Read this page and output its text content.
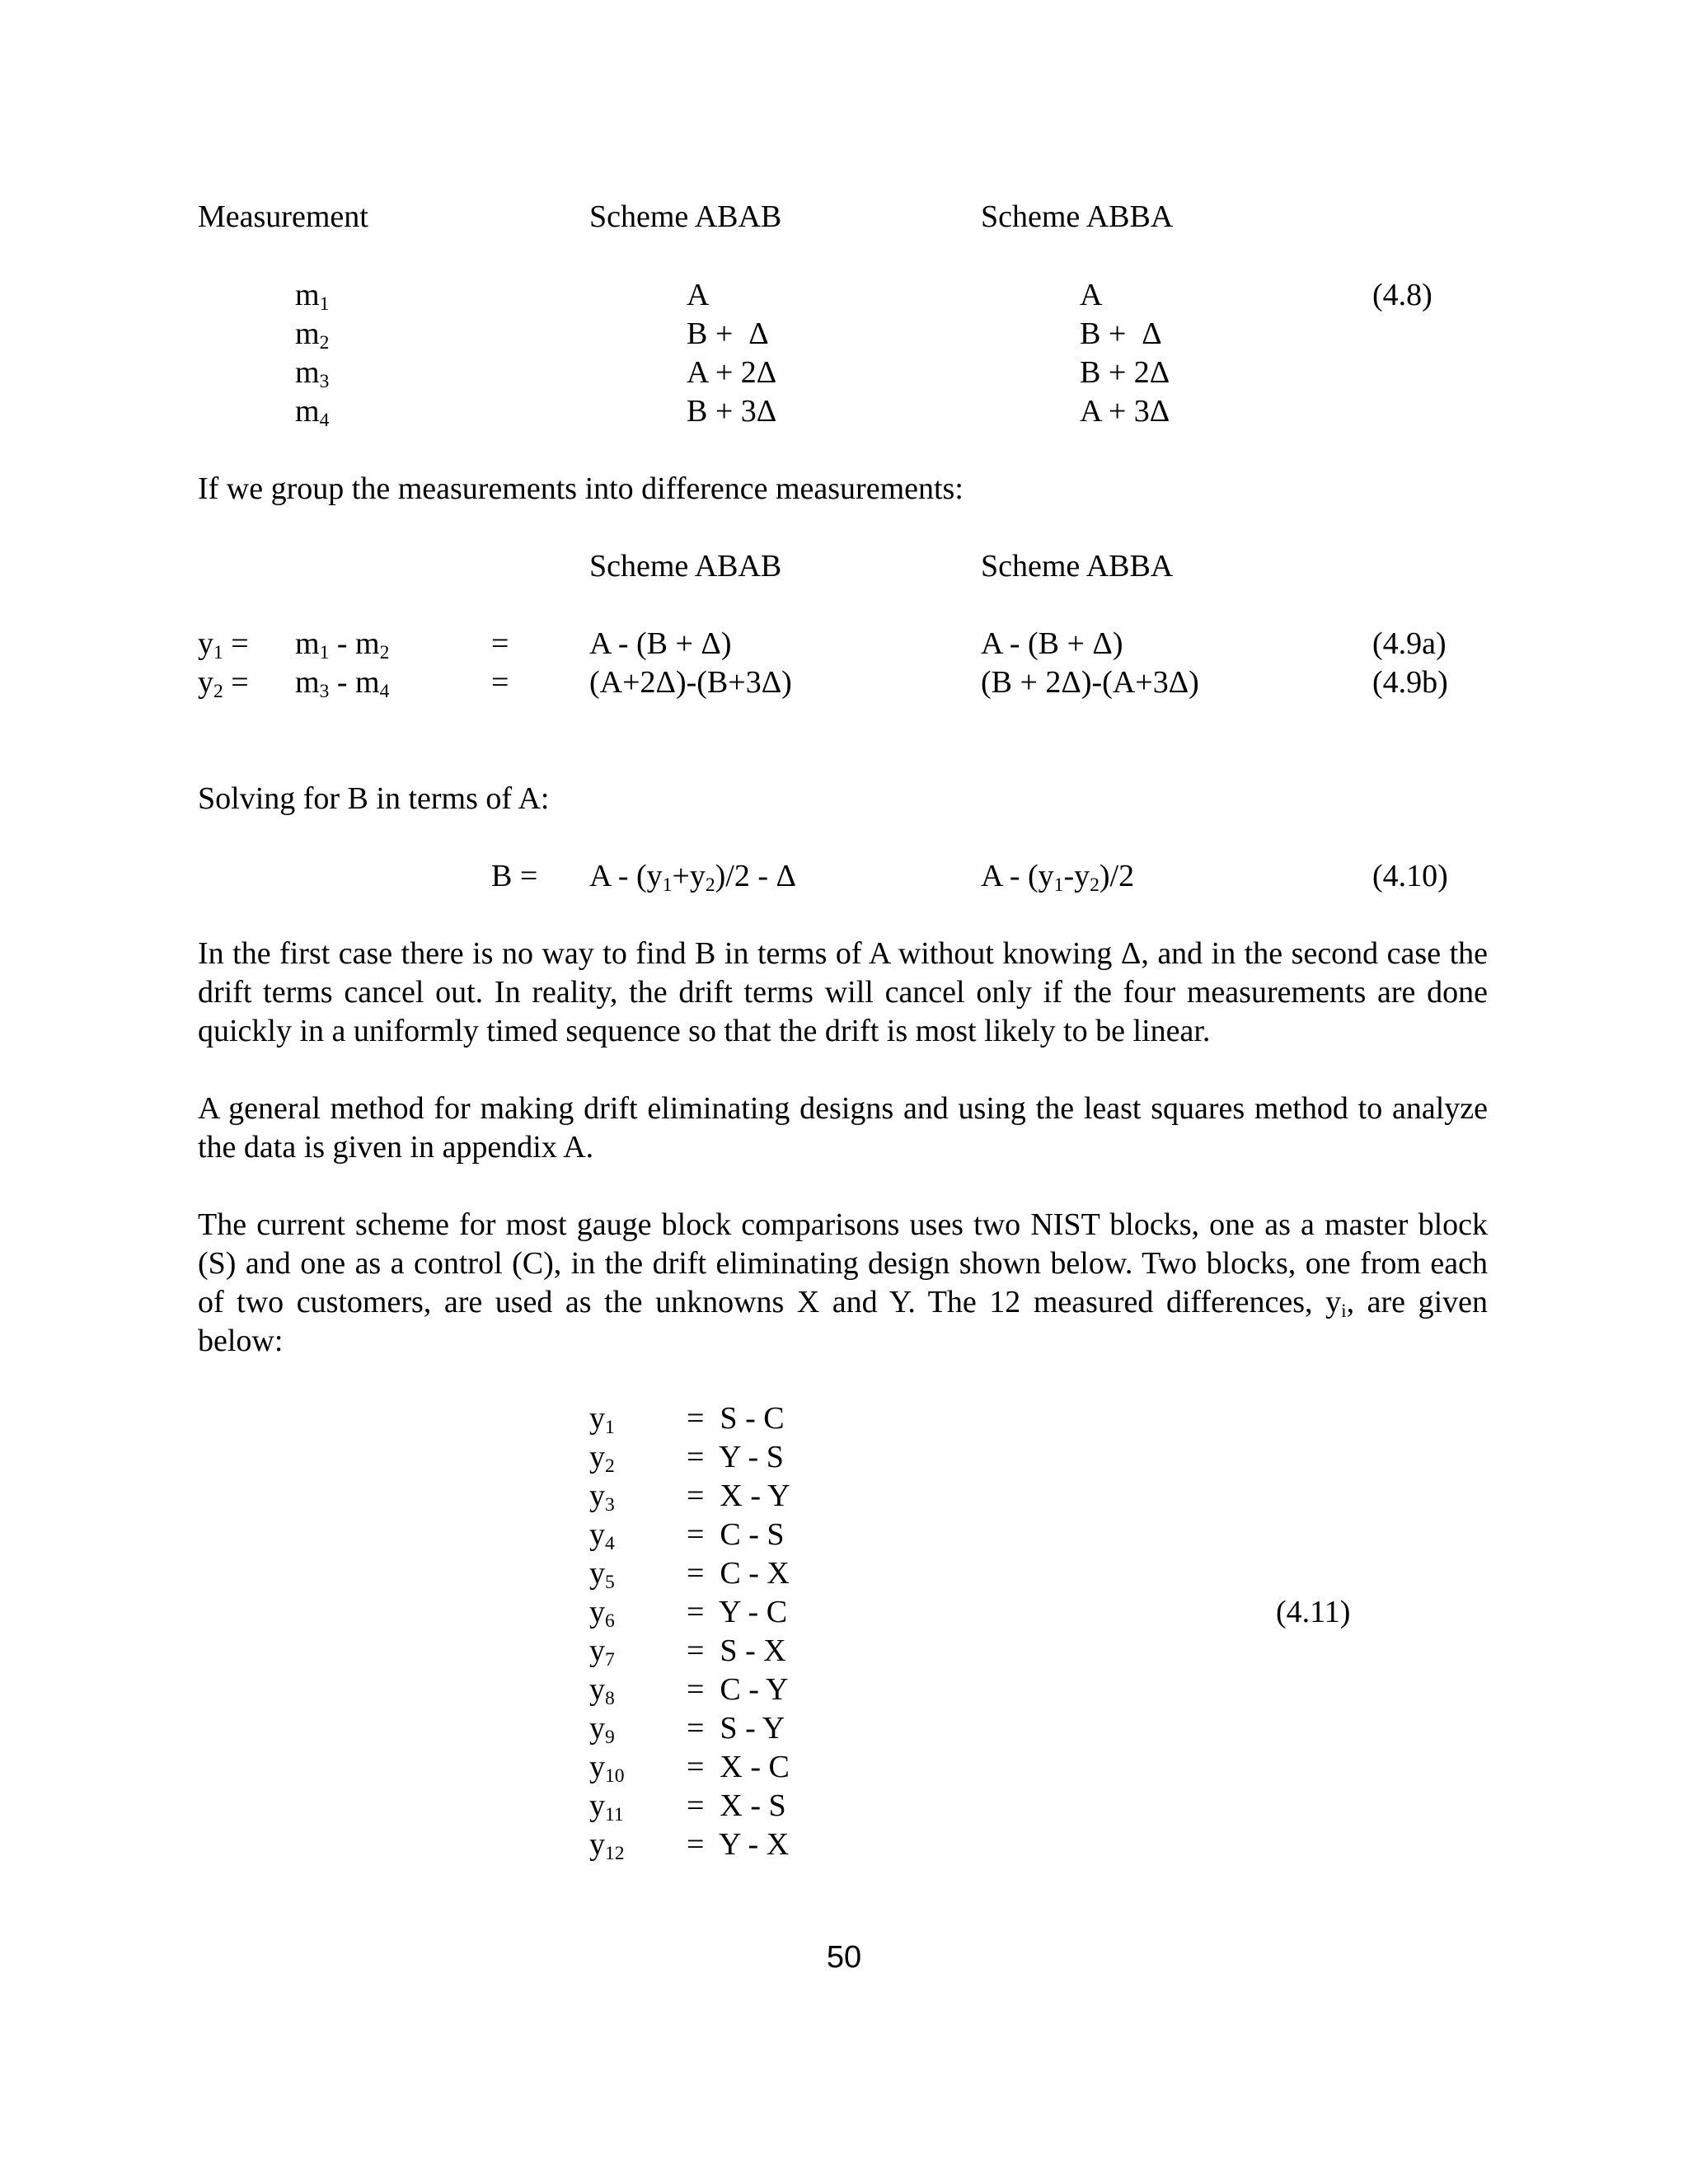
Measurement	Scheme ABAB	Scheme ABBA
$m_1$	A	A	(4.8)
$m_2$	B +  Δ	B +  Δ
$m_3$	A + 2Δ	B + 2Δ
$m_4$	B + 3Δ	A + 3Δ
If we group the measurements into difference measurements:
Scheme ABAB	Scheme ABBA
$y_1 = m_1 - m_2$	=	A - (B + Δ)	A - (B + Δ)	(4.9a)
$y_2 = m_3 - m_4$	=	(A+2Δ)-(B+3Δ)	(B + 2Δ)-(A+3Δ)	(4.9b)
Solving for B in terms of A:
$B = A - (y_1+y_2)/2 - \Delta$	A - $(y_1-y_2)/2$	(4.10)
In the first case there is no way to find B in terms of A without knowing Δ, and in the second case the drift terms cancel out. In reality, the drift terms will cancel only if the four measurements are done quickly in a uniformly timed sequence so that the drift is most likely to be linear.
A general method for making drift eliminating designs and using the least squares method to analyze the data is given in appendix A.
The current scheme for most gauge block comparisons uses two NIST blocks, one as a master block (S) and one as a control (C), in the drift eliminating design shown below. Two blocks, one from each of two customers, are used as the unknowns X and Y. The 12 measured differences, $y_i$, are given below:
$y_1 = S - C$
$y_2 = Y - S$
$y_3 = X - Y$
$y_4 = C - S$
$y_5 = C - X$
$y_6 = Y - C$	(4.11)
$y_7 = S - X$
$y_8 = C - Y$
$y_9 = S - Y$
$y_{10} = X - C$
$y_{11} = X - S$
$y_{12} = Y - X$
50
